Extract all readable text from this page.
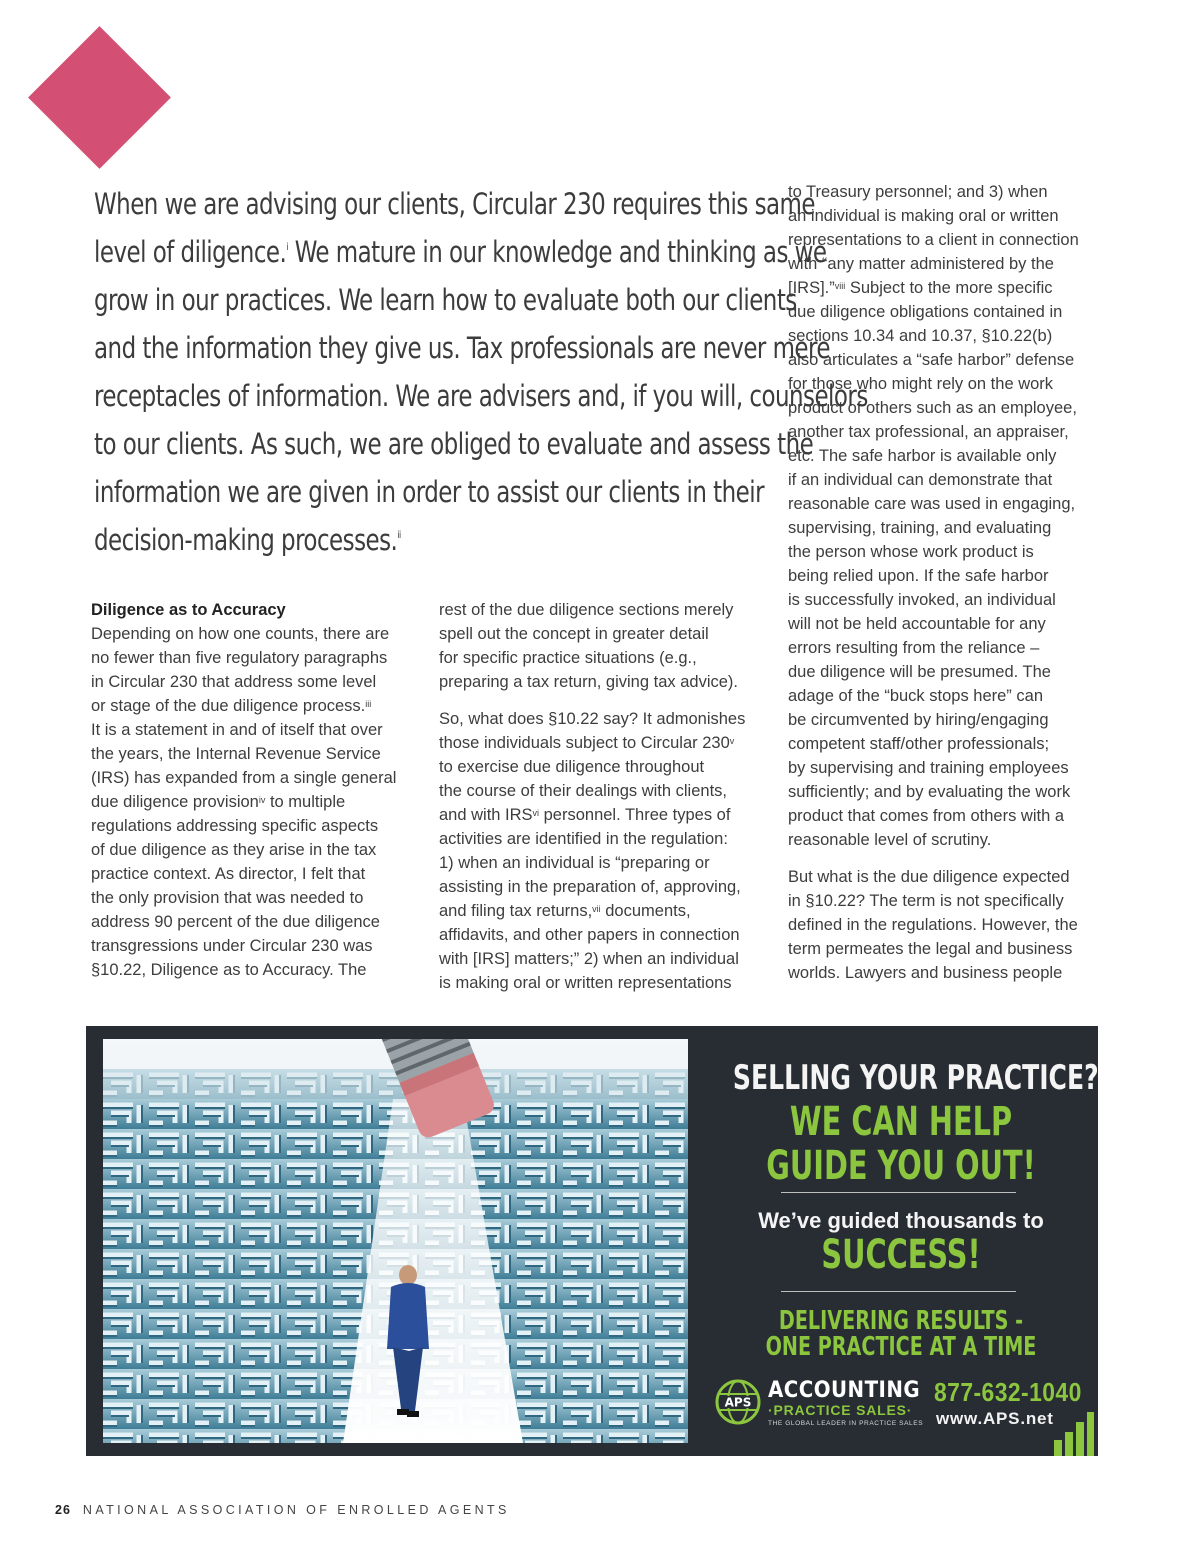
When we are advising our clients, Circular 230 requires this same
level of diligence.$^i$ We mature in our knowledge and thinking as we
grow in our practices. We learn how to evaluate both our clients
and the information they give us. Tax professionals are never mere
receptacles of information. We are advisers and, if you will, counselors
to our clients. As such, we are obliged to evaluate and assess the
information we are given in order to assist our clients in their
decision-making processes.$^{ii}$
Diligence as to Accuracy
Depending on how one counts, there are
no fewer than five regulatory paragraphs
in Circular 230 that address some level
or stage of the due diligence process.$^{iii}$
It is a statement in and of itself that over
the years, the Internal Revenue Service
(IRS) has expanded from a single general
due diligence provision$^{iv}$ to multiple
regulations addressing specific aspects
of due diligence as they arise in the tax
practice context. As director, I felt that
the only provision that was needed to
address 90 percent of the due diligence
transgressions under Circular 230 was
§10.22, Diligence as to Accuracy. The
rest of the due diligence sections merely
spell out the concept in greater detail
for specific practice situations (e.g.,
preparing a tax return, giving tax advice).
So, what does §10.22 say? It admonishes
those individuals subject to Circular 230$^v$
to exercise due diligence throughout
the course of their dealings with clients,
and with IRS$^{vi}$ personnel. Three types of
activities are identified in the regulation:
1) when an individual is “preparing or
assisting in the preparation of, approving,
and filing tax returns,$^{vii}$ documents,
affidavits, and other papers in connection
with [IRS] matters;” 2) when an individual
is making oral or written representations
to Treasury personnel; and 3) when
an individual is making oral or written
representations to a client in connection
with “any matter administered by the
[IRS].”$^{viii}$ Subject to the more specific
due diligence obligations contained in
sections 10.34 and 10.37, §10.22(b)
also articulates a “safe harbor” defense
for those who might rely on the work
product of others such as an employee,
another tax professional, an appraiser,
etc. The safe harbor is available only
if an individual can demonstrate that
reasonable care was used in engaging,
supervising, training, and evaluating
the person whose work product is
being relied upon. If the safe harbor
is successfully invoked, an individual
will not be held accountable for any
errors resulting from the reliance –
due diligence will be presumed. The
adage of the “buck stops here” can
be circumvented by hiring/engaging
competent staff/other professionals;
by supervising and training employees
sufficiently; and by evaluating the work
product that comes from others with a
reasonable level of scrutiny.
But what is the due diligence expected
in §10.22? The term is not specifically
defined in the regulations. However, the
term permeates the legal and business
worlds. Lawyers and business people
SELLING YOUR PRACTICE?
WE CAN HELP
GUIDE YOU OUT!
We’ve guided thousands to
SUCCESS!
DELIVERING RESULTS -
ONE PRACTICE AT A TIME
APS ACCOUNTING
·PRACTICE SALES·
THE GLOBAL LEADER IN PRACTICE SALES
877-632-1040
www.APS.net
26 NATIONAL ASSOCIATION OF ENROLLED AGENTS
